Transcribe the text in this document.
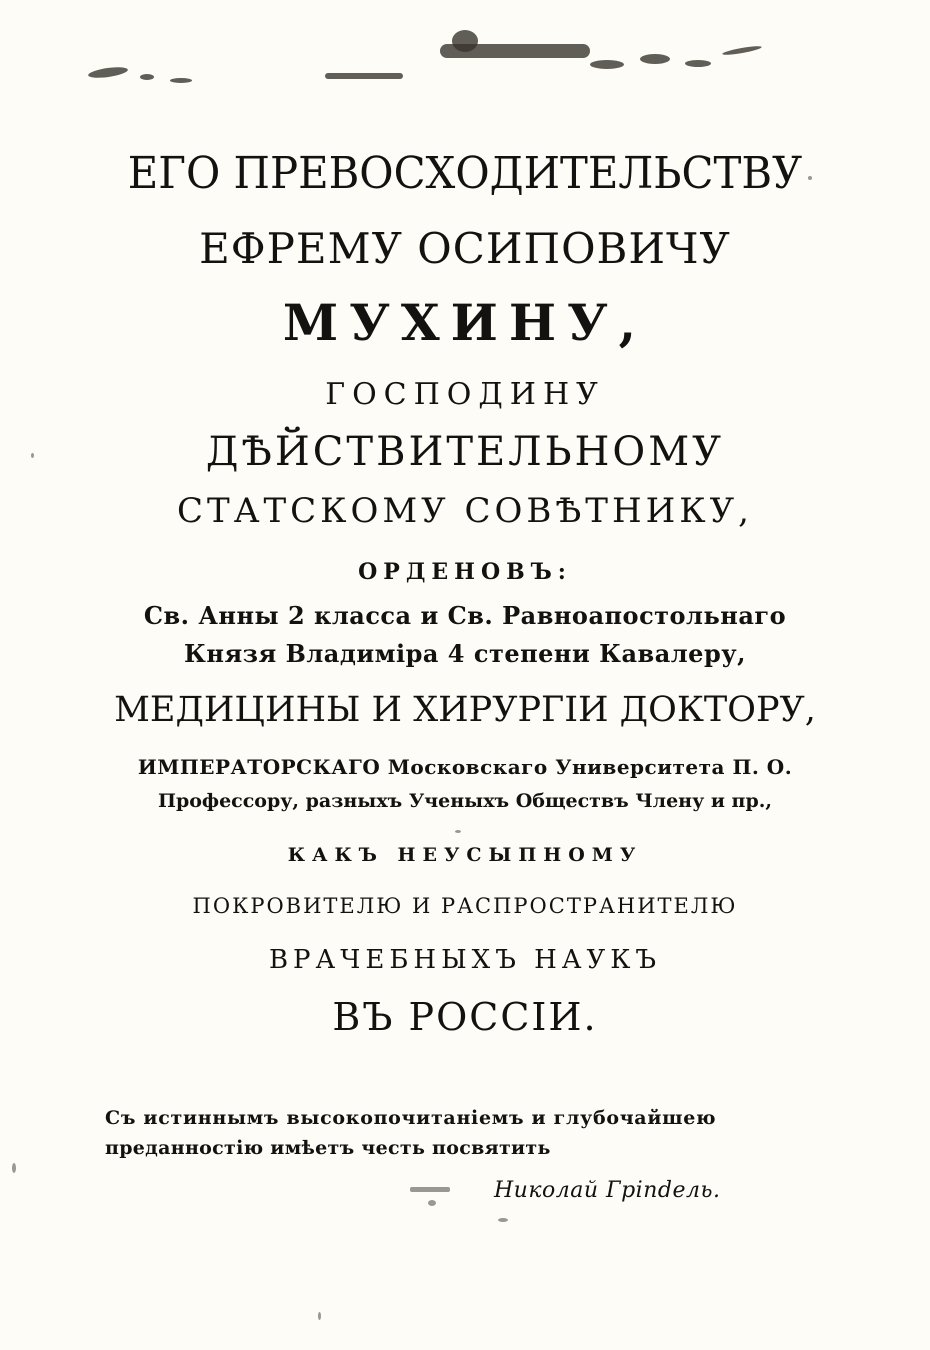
ЕГО ПРЕВОСХОДИТЕЛЬСТВУ
ЕФРЕМУ ОСИПОВИЧУ
МУХИНУ,
ГОСПОДИНУ
ДѢЙСТВИТЕЛЬНОМУ
СТАТСКОМУ СОВѢТНИКУ,
ОРДЕНОВЪ:
Св. Анны 2 класса и Св. Равноапостольнаго
Князя Владиміра 4 степени Кавалеру,
МЕДИЦИНЫ И ХИРУРГІИ ДОКТОРУ,
ИМПЕРАТОРСКАГО Московскаго Университета П. О.
Профессору, разныхъ Ученыхъ Обществъ Члену и пр.,
КАКЪ НЕУСЫПНОМУ
ПОКРОВИТЕЛЮ И РАСПРОСТРАНИТЕЛЮ
ВРАЧЕБНЫХЪ НАУКЪ
ВЪ РОССІИ.
Съ истиннымъ высокопочитаніемъ и глубочайшею
преданностію имѣетъ честь посвятить
Николай Грindель.
